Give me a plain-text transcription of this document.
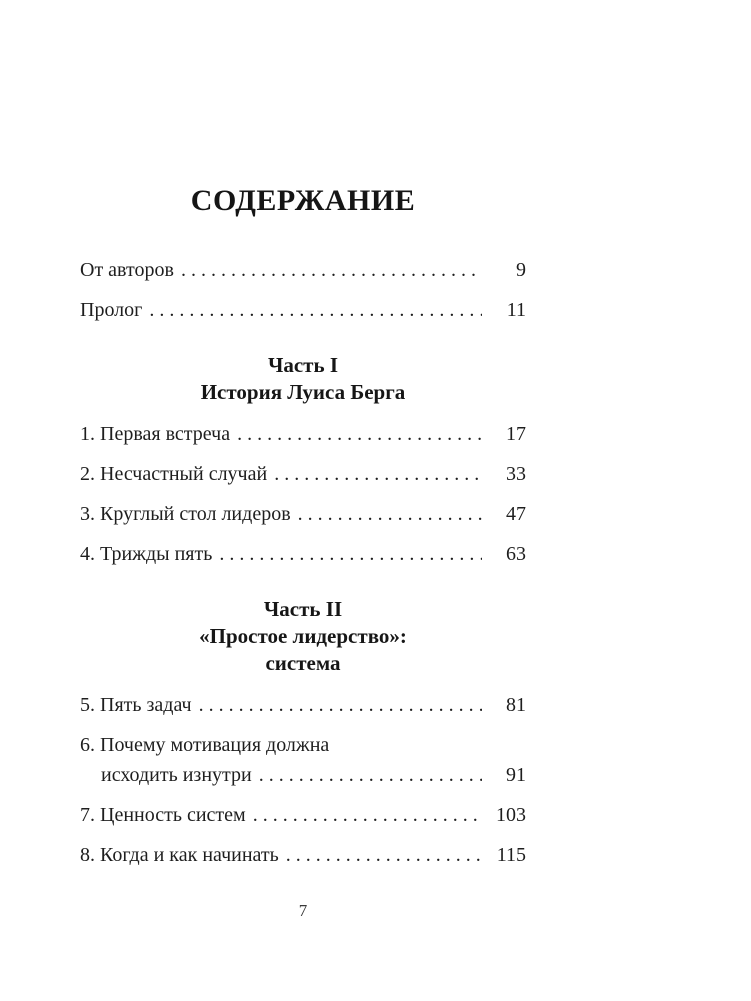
СОДЕРЖАНИЕ
От авторов .....	9
Пролог .....	11
Часть I
История Луиса Берга
1. Первая встреча .....	17
2. Несчастный случай .....	33
3. Круглый стол лидеров .....	47
4. Трижды пять .....	63
Часть II
«Простое лидерство»:
система
5. Пять задач .....	81
6. Почему мотивация должна
исходить изнутри .....	91
7. Ценность систем .....	103
8. Когда и как начинать .....	115
7
